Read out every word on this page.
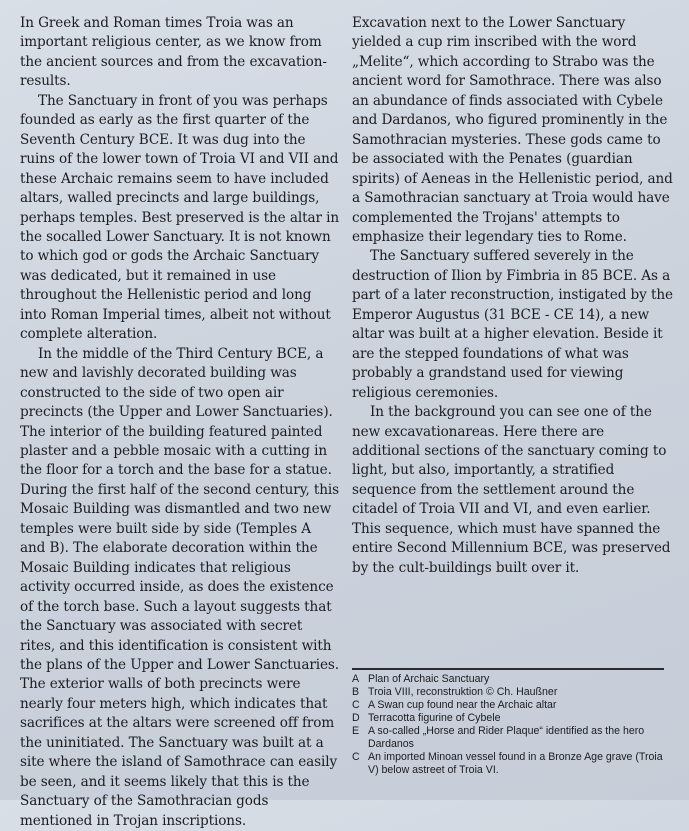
In Greek and Roman times Troia was an important religious center, as we know from the ancient sources and from the excavation-results.

The Sanctuary in front of you was perhaps founded as early as the first quarter of the Seventh Century BCE. It was dug into the ruins of the lower town of Troia VI and VII and these Archaic remains seem to have included altars, walled precincts and large buildings, perhaps temples. Best preserved is the altar in the socalled Lower Sanctuary. It is not known to which god or gods the Archaic Sanctuary was dedicated, but it remained in use throughout the Hellenistic period and long into Roman Imperial times, albeit not without complete alteration.

In the middle of the Third Century BCE, a new and lavishly decorated building was constructed to the side of two open air precincts (the Upper and Lower Sanctuaries). The interior of the building featured painted plaster and a pebble mosaic with a cutting in the floor for a torch and the base for a statue. During the first half of the second century, this Mosaic Building was dismantled and two new temples were built side by side (Temples A and B). The elaborate decoration within the Mosaic Building indicates that religious activity occurred inside, as does the existence of the torch base. Such a layout suggests that the Sanctuary was associated with secret rites, and this identification is consistent with the plans of the Upper and Lower Sanctuaries. The exterior walls of both precincts were nearly four meters high, which indicates that sacrifices at the altars were screened off from the uninitiated. The Sanctuary was built at a site where the island of Samothrace can easily be seen, and it seems likely that this is the Sanctuary of the Samothracian gods mentioned in Trojan inscriptions.

Excavation next to the Lower Sanctuary yielded a cup rim inscribed with the word „Melite“, which according to Strabo was the ancient word for Samothrace. There was also an abundance of finds associated with Cybele and Dardanos, who figured prominently in the Samothracian mysteries. These gods came to be associated with the Penates (guardian spirits) of Aeneas in the Hellenistic period, and a Samothracian sanctuary at Troia would have complemented the Trojans' attempts to emphasize their legendary ties to Rome.

The Sanctuary suffered severely in the destruction of Ilion by Fimbria in 85 BCE. As a part of a later reconstruction, instigated by the Emperor Augustus (31 BCE - CE 14), a new altar was built at a higher elevation. Beside it are the stepped foundations of what was probably a grandstand used for viewing religious ceremonies.

In the background you can see one of the new excavationareas. Here there are additional sections of the sanctuary coming to light, but also, importantly, a stratified sequence from the settlement around the citadel of Troia VII and VI, and even earlier. This sequence, which must have spanned the entire Second Millennium BCE, was preserved by the cult-buildings built over it.

A Plan of Archaic Sanctuary
B Troia VIII, reconstruktion © Ch. Haußner
C A Swan cup found near the Archaic altar
D Terracotta figurine of Cybele
E A so-called „Horse and Rider Plaque“ identified as the hero Dardanos
C An imported Minoan vessel found in a Bronze Age grave (Troia V) below astreet of Troia VI.
